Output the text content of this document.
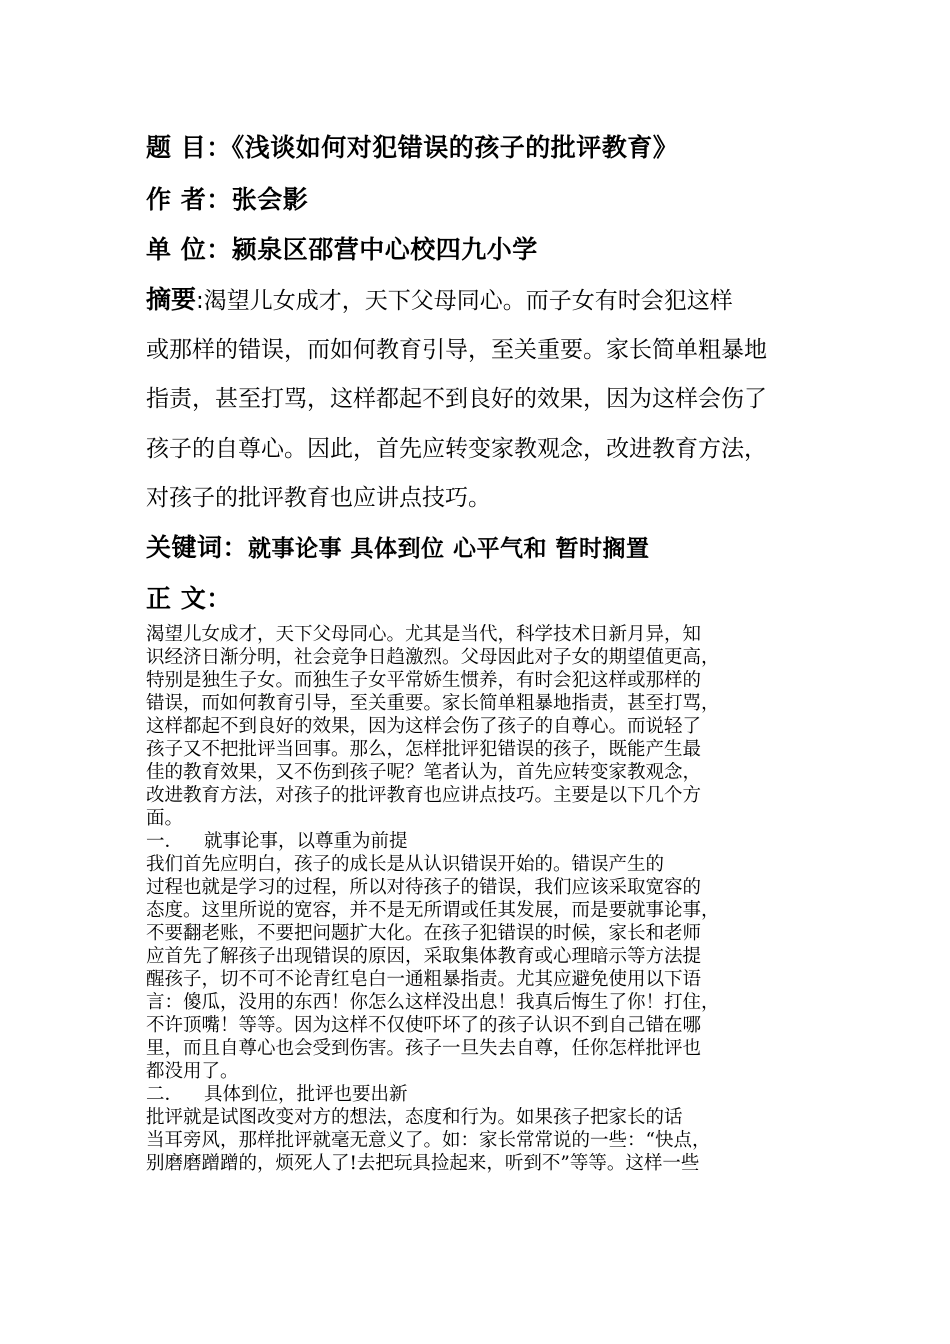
题 目：《浅谈如何对犯错误的孩子的批评教育》
作 者：张会影
单 位：颍泉区邵营中心校四九小学
摘要:渴望儿女成才，天下父母同心。而子女有时会犯这样
或那样的错误，而如何教育引导，至关重要。家长简单粗暴地
指责，甚至打骂，这样都起不到良好的效果，因为这样会伤了
孩子的自尊心。因此，首先应转变家教观念，改进教育方法，
对孩子的批评教育也应讲点技巧。
关键词：就事论事 具体到位 心平气和 暂时搁置
正 文：
渴望儿女成才，天下父母同心。尤其是当代，科学技术日新月异，知
识经济日渐分明，社会竞争日趋激烈。父母因此对子女的期望值更高，
特别是独生子女。而独生子女平常娇生惯养，有时会犯这样或那样的
错误，而如何教育引导，至关重要。家长简单粗暴地指责，甚至打骂，
这样都起不到良好的效果，因为这样会伤了孩子的自尊心。而说轻了
孩子又不把批评当回事。那么，怎样批评犯错误的孩子，既能产生最
佳的教育效果，又不伤到孩子呢？笔者认为，首先应转变家教观念，
改进教育方法，对孩子的批评教育也应讲点技巧。主要是以下几个方
面。
一． 就事论事，以尊重为前提
我们首先应明白，孩子的成长是从认识错误开始的。错误产生的
过程也就是学习的过程，所以对待孩子的错误，我们应该采取宽容的
态度。这里所说的宽容，并不是无所谓或任其发展，而是要就事论事，
不要翻老账，不要把问题扩大化。在孩子犯错误的时候，家长和老师
应首先了解孩子出现错误的原因，采取集体教育或心理暗示等方法提
醒孩子，切不可不论青红皂白一通粗暴指责。尤其应避免使用以下语
言：傻瓜，没用的东西！你怎么这样没出息！我真后悔生了你！打住，
不许顶嘴！等等。因为这样不仅使吓坏了的孩子认识不到自己错在哪
里，而且自尊心也会受到伤害。孩子一旦失去自尊，任你怎样批评也
都没用了。
二． 具体到位，批评也要出新
批评就是试图改变对方的想法，态度和行为。如果孩子把家长的话
当耳旁风，那样批评就毫无意义了。如：家长常常说的一些：“快点，
别磨磨蹭蹭的，烦死人了!去把玩具捡起来，听到不”等等。这样一些
